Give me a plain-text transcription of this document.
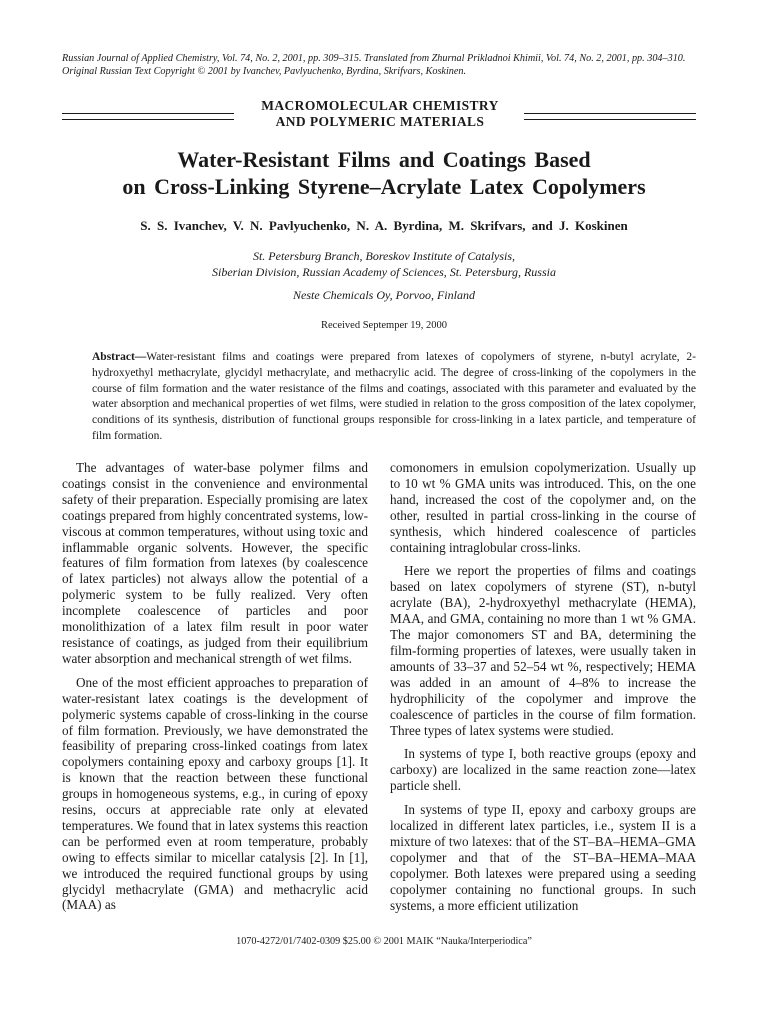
Russian Journal of Applied Chemistry, Vol. 74, No. 2, 2001, pp. 309–315. Translated from Zhurnal Prikladnoi Khimii, Vol. 74, No. 2, 2001, pp. 304–310.
Original Russian Text Copyright © 2001 by Ivanchev, Pavlyuchenko, Byrdina, Skrifvars, Koskinen.
MACROMOLECULAR CHEMISTRY
AND POLYMERIC MATERIALS
Water-Resistant Films and Coatings Based
on Cross-Linking Styrene–Acrylate Latex Copolymers
S. S. Ivanchev, V. N. Pavlyuchenko, N. A. Byrdina, M. Skrifvars, and J. Koskinen
St. Petersburg Branch, Boreskov Institute of Catalysis,
Siberian Division, Russian Academy of Sciences, St. Petersburg, Russia
Neste Chemicals Oy, Porvoo, Finland
Received Septemper 19, 2000
Abstract—Water-resistant films and coatings were prepared from latexes of copolymers of styrene, n-butyl acrylate, 2-hydroxyethyl methacrylate, glycidyl methacrylate, and methacrylic acid. The degree of cross-linking of the copolymers in the course of film formation and the water resistance of the films and coatings, associated with this parameter and evaluated by the water absorption and mechanical properties of wet films, were studied in relation to the gross composition of the latex copolymer, conditions of its synthesis, distribution of functional groups responsible for cross-linking in a latex particle, and temperature of film formation.

The advantages of water-base polymer films and coatings consist in the convenience and environmental safety of their preparation. Especially promising are latex coatings prepared from highly concentrated systems, low-viscous at common temperatures, without using toxic and inflammable organic solvents. However, the specific features of film formation from latexes (by coalescence of latex particles) not always allow the potential of a polymeric system to be fully realized. Very often incomplete coalescence of particles and poor monolithization of a latex film result in poor water resistance of coatings, as judged from their equilibrium water absorption and mechanical strength of wet films.

One of the most efficient approaches to preparation of water-resistant latex coatings is the development of polymeric systems capable of cross-linking in the course of film formation. Previously, we have demonstrated the feasibility of preparing cross-linked coatings from latex copolymers containing epoxy and carboxy groups [1]. It is known that the reaction between these functional groups in homogeneous systems, e.g., in curing of epoxy resins, occurs at appreciable rate only at elevated temperatures. We found that in latex systems this reaction can be performed even at room temperature, probably owing to effects similar to micellar catalysis [2]. In [1], we introduced the required functional groups by using glycidyl methacrylate (GMA) and methacrylic acid (MAA) as

comonomers in emulsion copolymerization. Usually up to 10 wt % GMA units was introduced. This, on the one hand, increased the cost of the copolymer and, on the other, resulted in partial cross-linking in the course of synthesis, which hindered coalescence of particles containing intraglobular cross-links.

Here we report the properties of films and coatings based on latex copolymers of styrene (ST), n-butyl acrylate (BA), 2-hydroxyethyl methacrylate (HEMA), MAA, and GMA, containing no more than 1 wt % GMA. The major comonomers ST and BA, determining the film-forming properties of latexes, were usually taken in amounts of 33–37 and 52–54 wt %, respectively; HEMA was added in an amount of 4–8% to increase the hydrophilicity of the copolymer and improve the coalescence of particles in the course of film formation. Three types of latex systems were studied.

In systems of type I, both reactive groups (epoxy and carboxy) are localized in the same reaction zone—latex particle shell.

In systems of type II, epoxy and carboxy groups are localized in different latex particles, i.e., system II is a mixture of two latexes: that of the ST–BA–HEMA–GMA copolymer and that of the ST–BA–HEMA–MAA copolymer. Both latexes were prepared using a seeding copolymer containing no functional groups. In such systems, a more efficient utilization

1070-4272/01/7402-0309 $25.00 © 2001 MAIK “Nauka/Interperiodica”
